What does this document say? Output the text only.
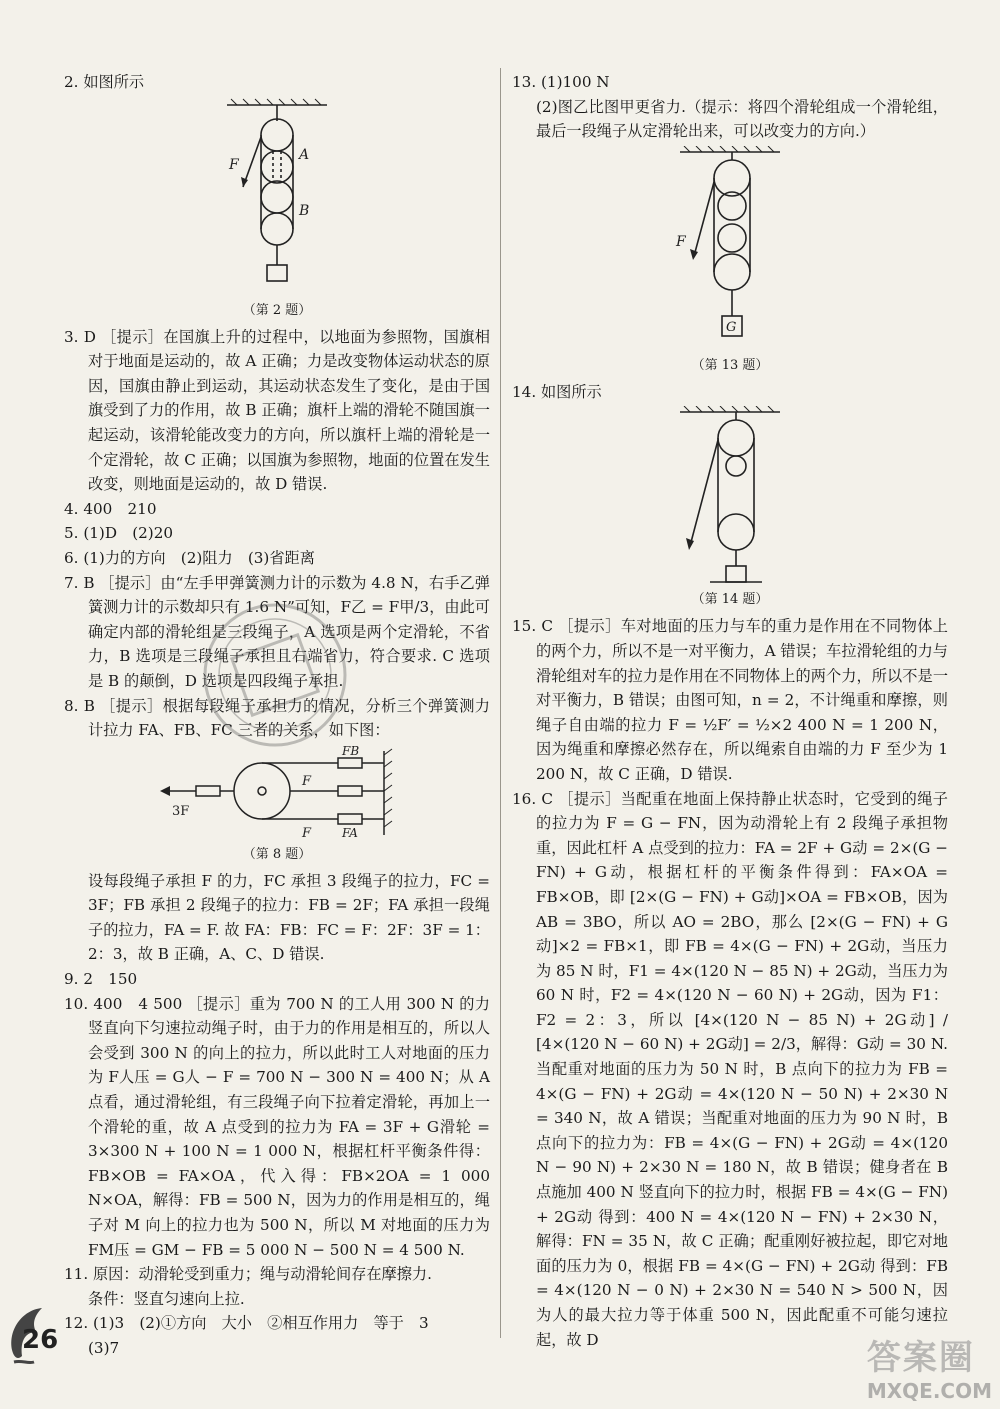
2. 如图所示

F
A
B

（第 2 题）

3. D ［提示］在国旗上升的过程中，以地面为参照物，国旗相对于地面是运动的，故 A 正确；力是改变物体运动状态的原因，国旗由静止到运动，其运动状态发生了变化，是由于国旗受到了力的作用，故 B 正确；旗杆上端的滑轮不随国旗一起运动，该滑轮能改变力的方向，所以旗杆上端的滑轮是一个定滑轮，故 C 正确；以国旗为参照物，地面的位置在发生改变，则地面是运动的，故 D 错误.

4. 400　210

5. (1)D　(2)20

6. (1)力的方向　(2)阻力　(3)省距离

7. B ［提示］由“左手甲弹簧测力计的示数为 4.8 N，右手乙弹簧测力计的示数却只有 1.6 N”可知，F乙 = F甲/3，由此可确定内部的滑轮组是三段绳子，A 选项是两个定滑轮，不省力，B 选项是三段绳子承担且右端省力，符合要求. C 选项是 B 的颠倒，D 选项是四段绳子承担.

8. B ［提示］根据每段绳子承担力的情况，分析三个弹簧测力计拉力 FA、FB、FC 三者的关系，如下图：

FB
F
3F
FA
F

（第 8 题）

设每段绳子承担 F 的力，FC 承担 3 段绳子的拉力，FC = 3F；FB 承担 2 段绳子的拉力：FB = 2F；FA 承担一段绳子的拉力，FA = F. 故 FA：FB：FC = F：2F：3F = 1：2：3，故 B 正确，A、C、D 错误.

9. 2　150

10. 400　4 500 ［提示］重为 700 N 的工人用 300 N 的力竖直向下匀速拉动绳子时，由于力的作用是相互的，所以人会受到 300 N 的向上的拉力，所以此时工人对地面的压力为 F人压 = G人 − F = 700 N − 300 N = 400 N；从 A 点看，通过滑轮组，有三段绳子向下拉着定滑轮，再加上一个滑轮的重，故 A 点受到的拉力为 FA = 3F + G滑轮 = 3×300 N + 100 N = 1 000 N，根据杠杆平衡条件得：FB×OB = FA×OA，代入得：FB×2OA = 1 000 N×OA，解得：FB = 500 N，因为力的作用是相互的，绳子对 M 向上的拉力也为 500 N，所以 M 对地面的压力为 FM压 = GM − FB = 5 000 N − 500 N = 4 500 N.

11. 原因：动滑轮受到重力；绳与动滑轮间存在摩擦力.

条件：竖直匀速向上拉.

12. (1)3　(2)①方向　大小　②相互作用力　等于　3

(3)7

13. (1)100 N

(2)图乙比图甲更省力.（提示：将四个滑轮组成一个滑轮组，最后一段绳子从定滑轮出来，可以改变力的方向.）

F
G

（第 13 题）

14. 如图所示

（第 14 题）

15. C ［提示］车对地面的压力与车的重力是作用在不同物体上的两个力，所以不是一对平衡力，A 错误；车拉滑轮组的力与滑轮组对车的拉力是作用在不同物体上的两个力，所以不是一对平衡力，B 错误；由图可知，n = 2，不计绳重和摩擦，则绳子自由端的拉力 F = ½F′ = ½×2 400 N = 1 200 N，因为绳重和摩擦必然存在，所以绳索自由端的力 F 至少为 1 200 N，故 C 正确，D 错误.

16. C ［提示］当配重在地面上保持静止状态时，它受到的绳子的拉力为 F = G − FN，因为动滑轮上有 2 段绳子承担物重，因此杠杆 A 点受到的拉力：FA = 2F + G动 = 2×(G − FN) + G动，根据杠杆的平衡条件得到：FA×OA = FB×OB，即 [2×(G − FN) + G动]×OA = FB×OB，因为 AB = 3BO，所以 AO = 2BO，那么 [2×(G − FN) + G动]×2 = FB×1，即 FB = 4×(G − FN) + 2G动，当压力为 85 N 时，F1 = 4×(120 N − 85 N) + 2G动，当压力为 60 N 时，F2 = 4×(120 N − 60 N) + 2G动，因为 F1：F2 = 2：3，所以 [4×(120 N − 85 N) + 2G动] / [4×(120 N − 60 N) + 2G动] = 2/3，解得：G动 = 30 N. 当配重对地面的压力为 50 N 时，B 点向下的拉力为 FB = 4×(G − FN) + 2G动 = 4×(120 N − 50 N) + 2×30 N = 340 N，故 A 错误；当配重对地面的压力为 90 N 时，B 点向下的拉力为：FB = 4×(G − FN) + 2G动 = 4×(120 N − 90 N) + 2×30 N = 180 N，故 B 错误；健身者在 B 点施加 400 N 竖直向下的拉力时，根据 FB = 4×(G − FN) + 2G动 得到：400 N = 4×(120 N − FN) + 2×30 N，解得：FN = 35 N，故 C 正确；配重刚好被拉起，即它对地面的压力为 0，根据 FB = 4×(G − FN) + 2G动 得到：FB = 4×(120 N − 0 N) + 2×30 N = 540 N > 500 N，因为人的最大拉力等于体重 500 N，因此配重不可能匀速拉起，故 D

26	答案圈
MXQE.COM
